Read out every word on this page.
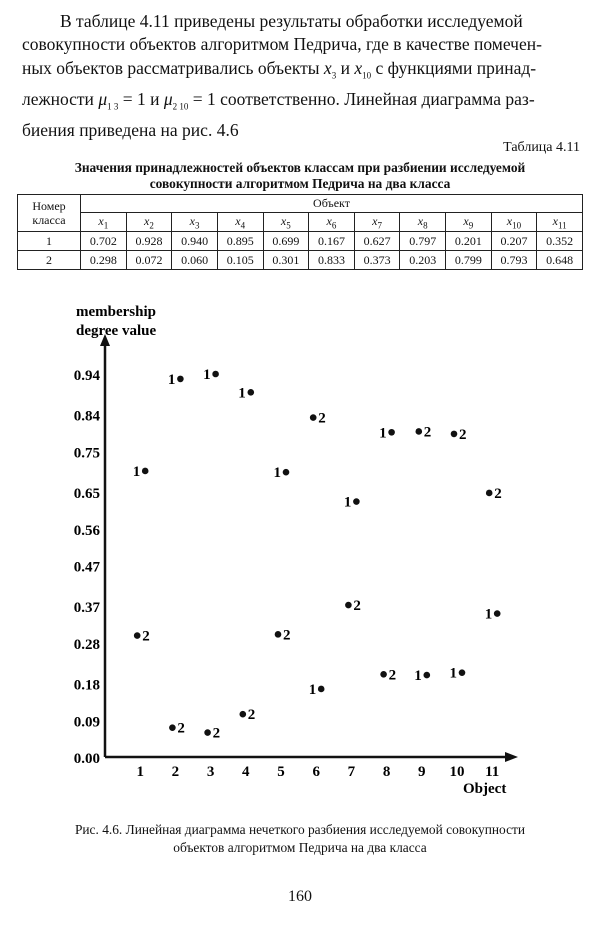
В таблице 4.11 приведены результаты обработки исследуемой

совокупности объектов алгоритмом Педрича, где в качестве помечен-

ных объектов рассматривались объекты $x_3$ и $x_{10}$ с функциями принад-

лежности $\mu_{1 3} = 1$ и $\mu_{2 10} = 1$ соответственно. Линейная диаграмма раз-

биения приведена на рис. 4.6

Таблица 4.11
Значения принадлежностей объектов классам при разбиении исследуемой
совокупности алгоритмом Педрича на два класса
Номер
класса	Объект										
	$x_1$	$x_2$	$x_3$	$x_4$	$x_5$	$x_6$	$x_7$	$x_8$	$x_9$	$x_{10}$	$x_{11}$
1	0.702	0.928	0.940	0.895	0.699	0.167	0.627	0.797	0.201	0.207	0.352
2	0.298	0.072	0.060	0.105	0.301	0.833	0.373	0.203	0.799	0.793	0.648
membership
degree value
Object
0.00
0.09
0.18
0.28
0.37
0.47
0.56
0.65
0.75
0.84
0.94
1 2 3 4 5 6 7 8 9 10 11
1
1 1
1
1
1
1
1
1 1
1
2
2 2
2
2
2
2
2
2 2
2
Рис. 4.6. Линейная диаграмма нечеткого разбиения исследуемой совокупности
объектов алгоритмом Педрича на два класса
160
